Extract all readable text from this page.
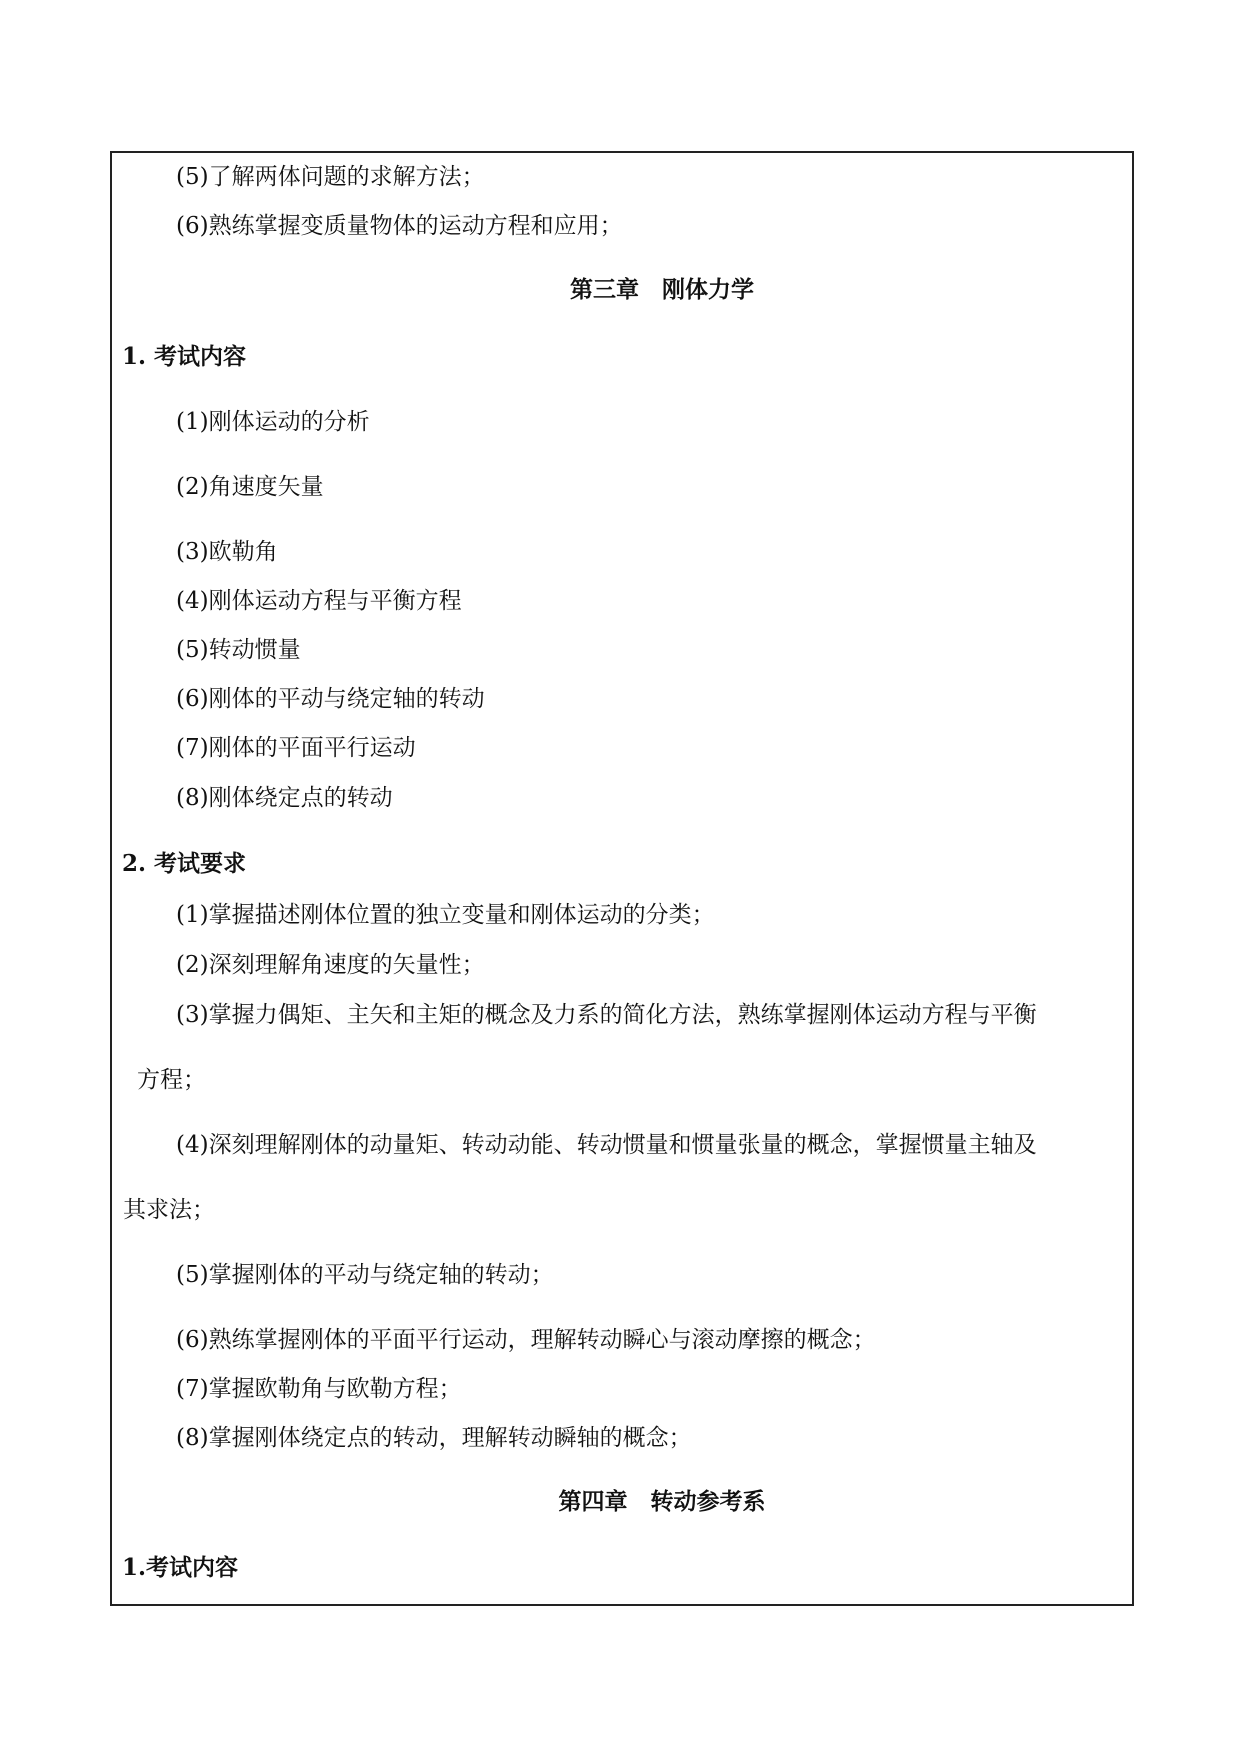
(5)了解两体问题的求解方法；
(6)熟练掌握变质量物体的运动方程和应用；
第三章　刚体力学
1. 考试内容
(1)刚体运动的分析
(2)角速度矢量
(3)欧勒角
(4)刚体运动方程与平衡方程
(5)转动惯量
(6)刚体的平动与绕定轴的转动
(7)刚体的平面平行运动
(8)刚体绕定点的转动
2. 考试要求
(1)掌握描述刚体位置的独立变量和刚体运动的分类；
(2)深刻理解角速度的矢量性；
(3)掌握力偶矩、主矢和主矩的概念及力系的简化方法，熟练掌握刚体运动方程与平衡
方程；
(4)深刻理解刚体的动量矩、转动动能、转动惯量和惯量张量的概念，掌握惯量主轴及
其求法；
(5)掌握刚体的平动与绕定轴的转动；
(6)熟练掌握刚体的平面平行运动，理解转动瞬心与滚动摩擦的概念；
(7)掌握欧勒角与欧勒方程；
(8)掌握刚体绕定点的转动，理解转动瞬轴的概念；
第四章　转动参考系
1.考试内容
